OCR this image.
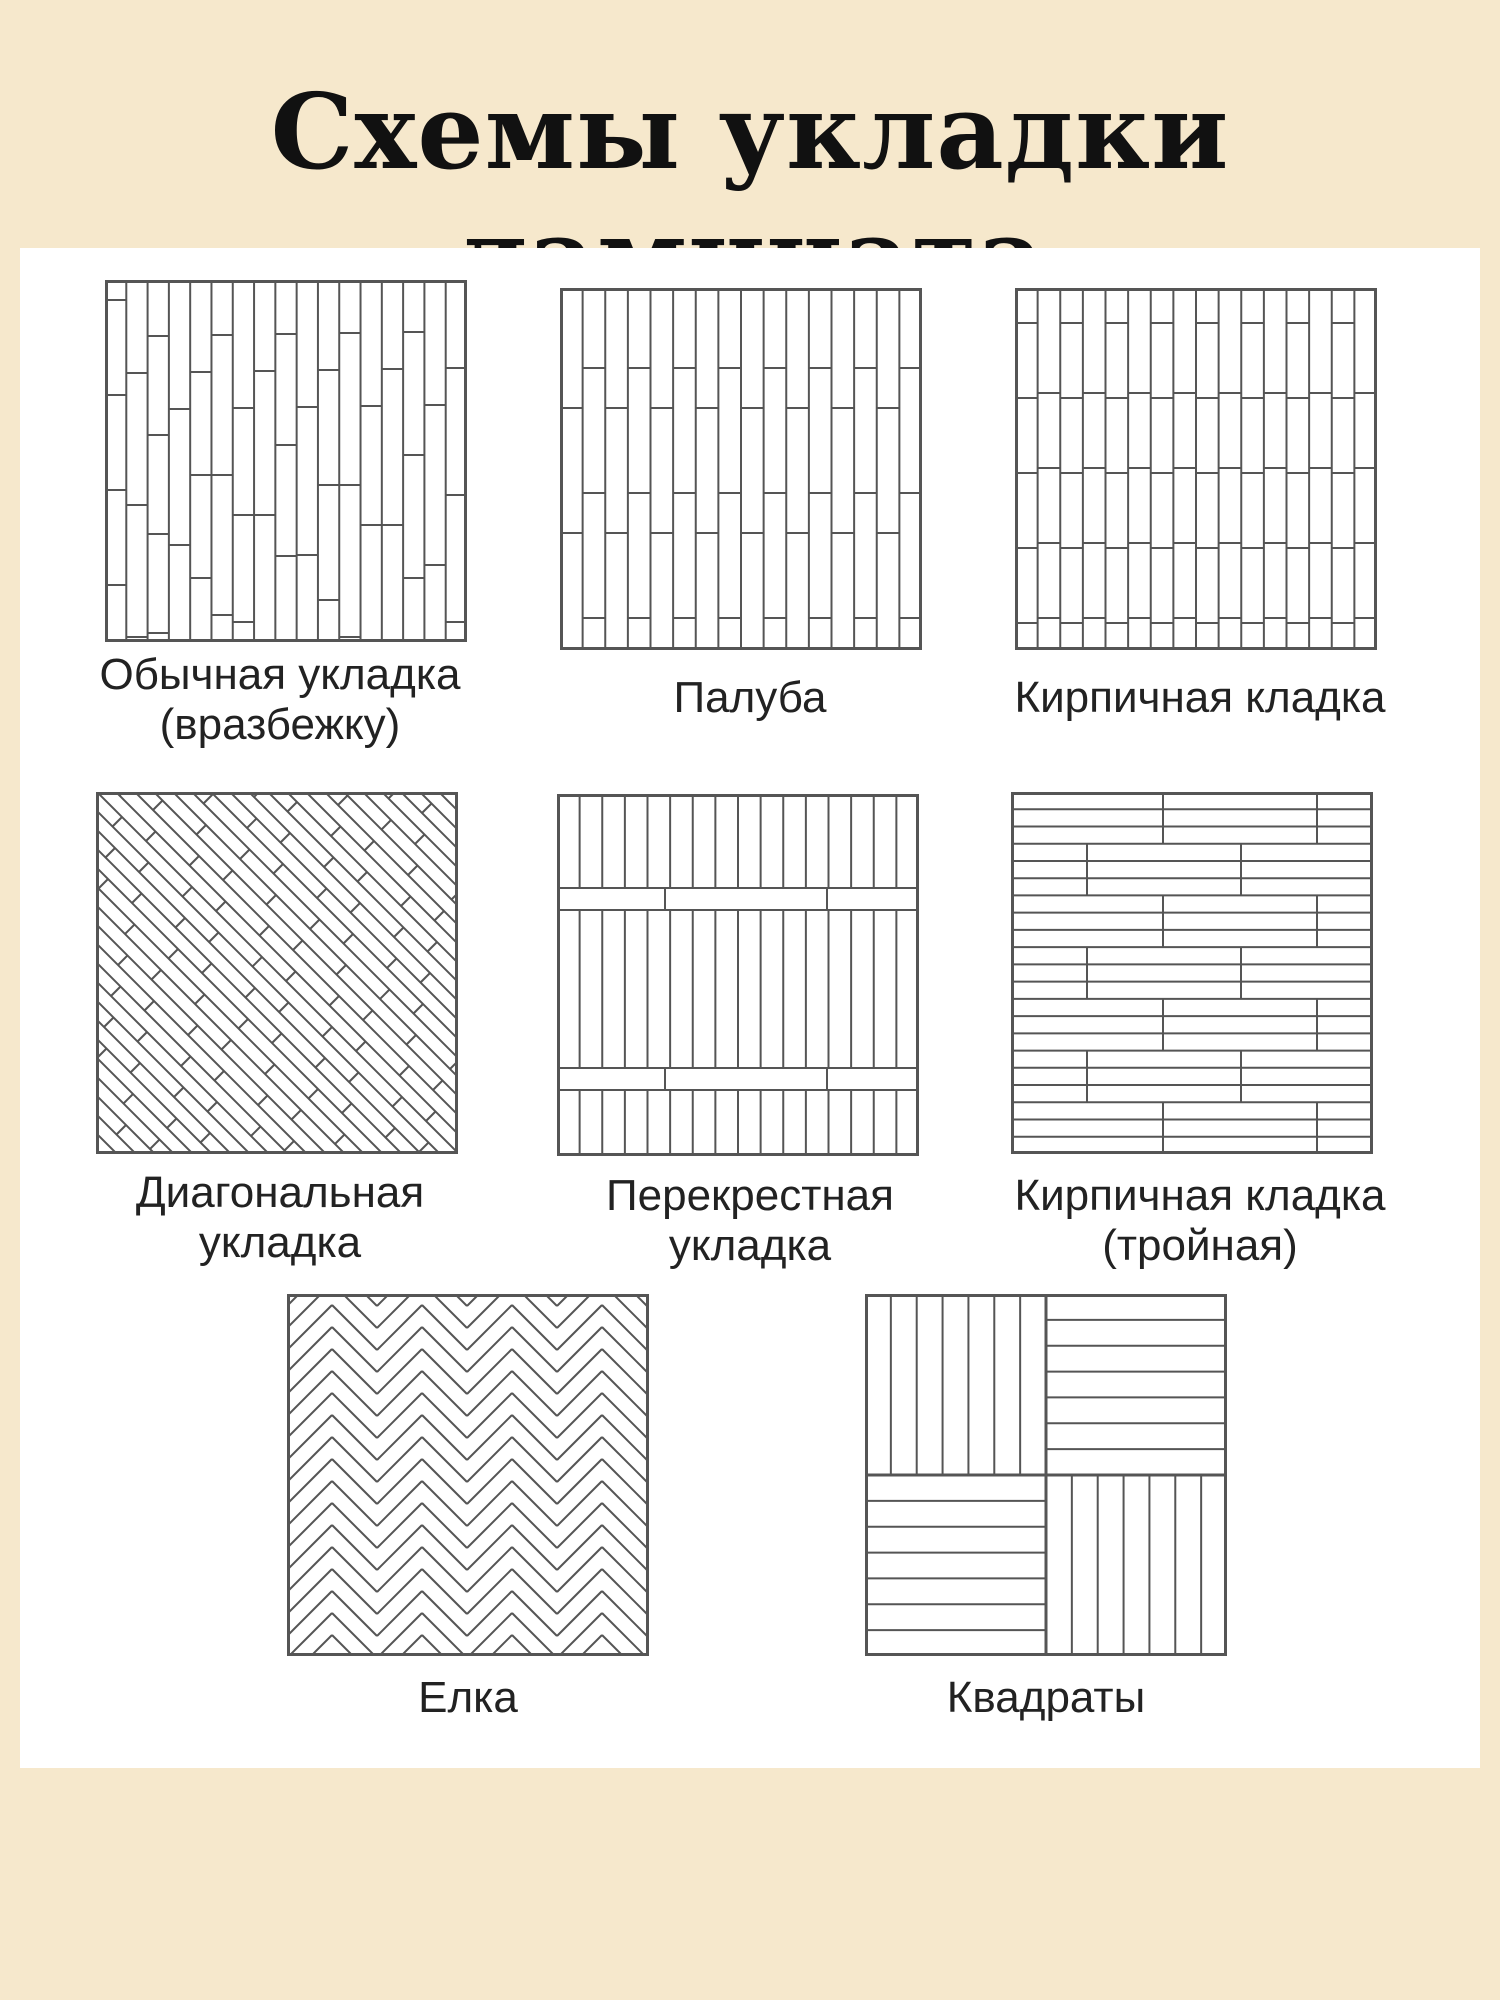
Схемы укладки
Обычная укладка
(вразбежку)
Палуба	Кирпичная кладка
Диагональная
укладка
Перекрестная
укладка
Кирпичная кладка
(тройная)
Елка	Квадраты
